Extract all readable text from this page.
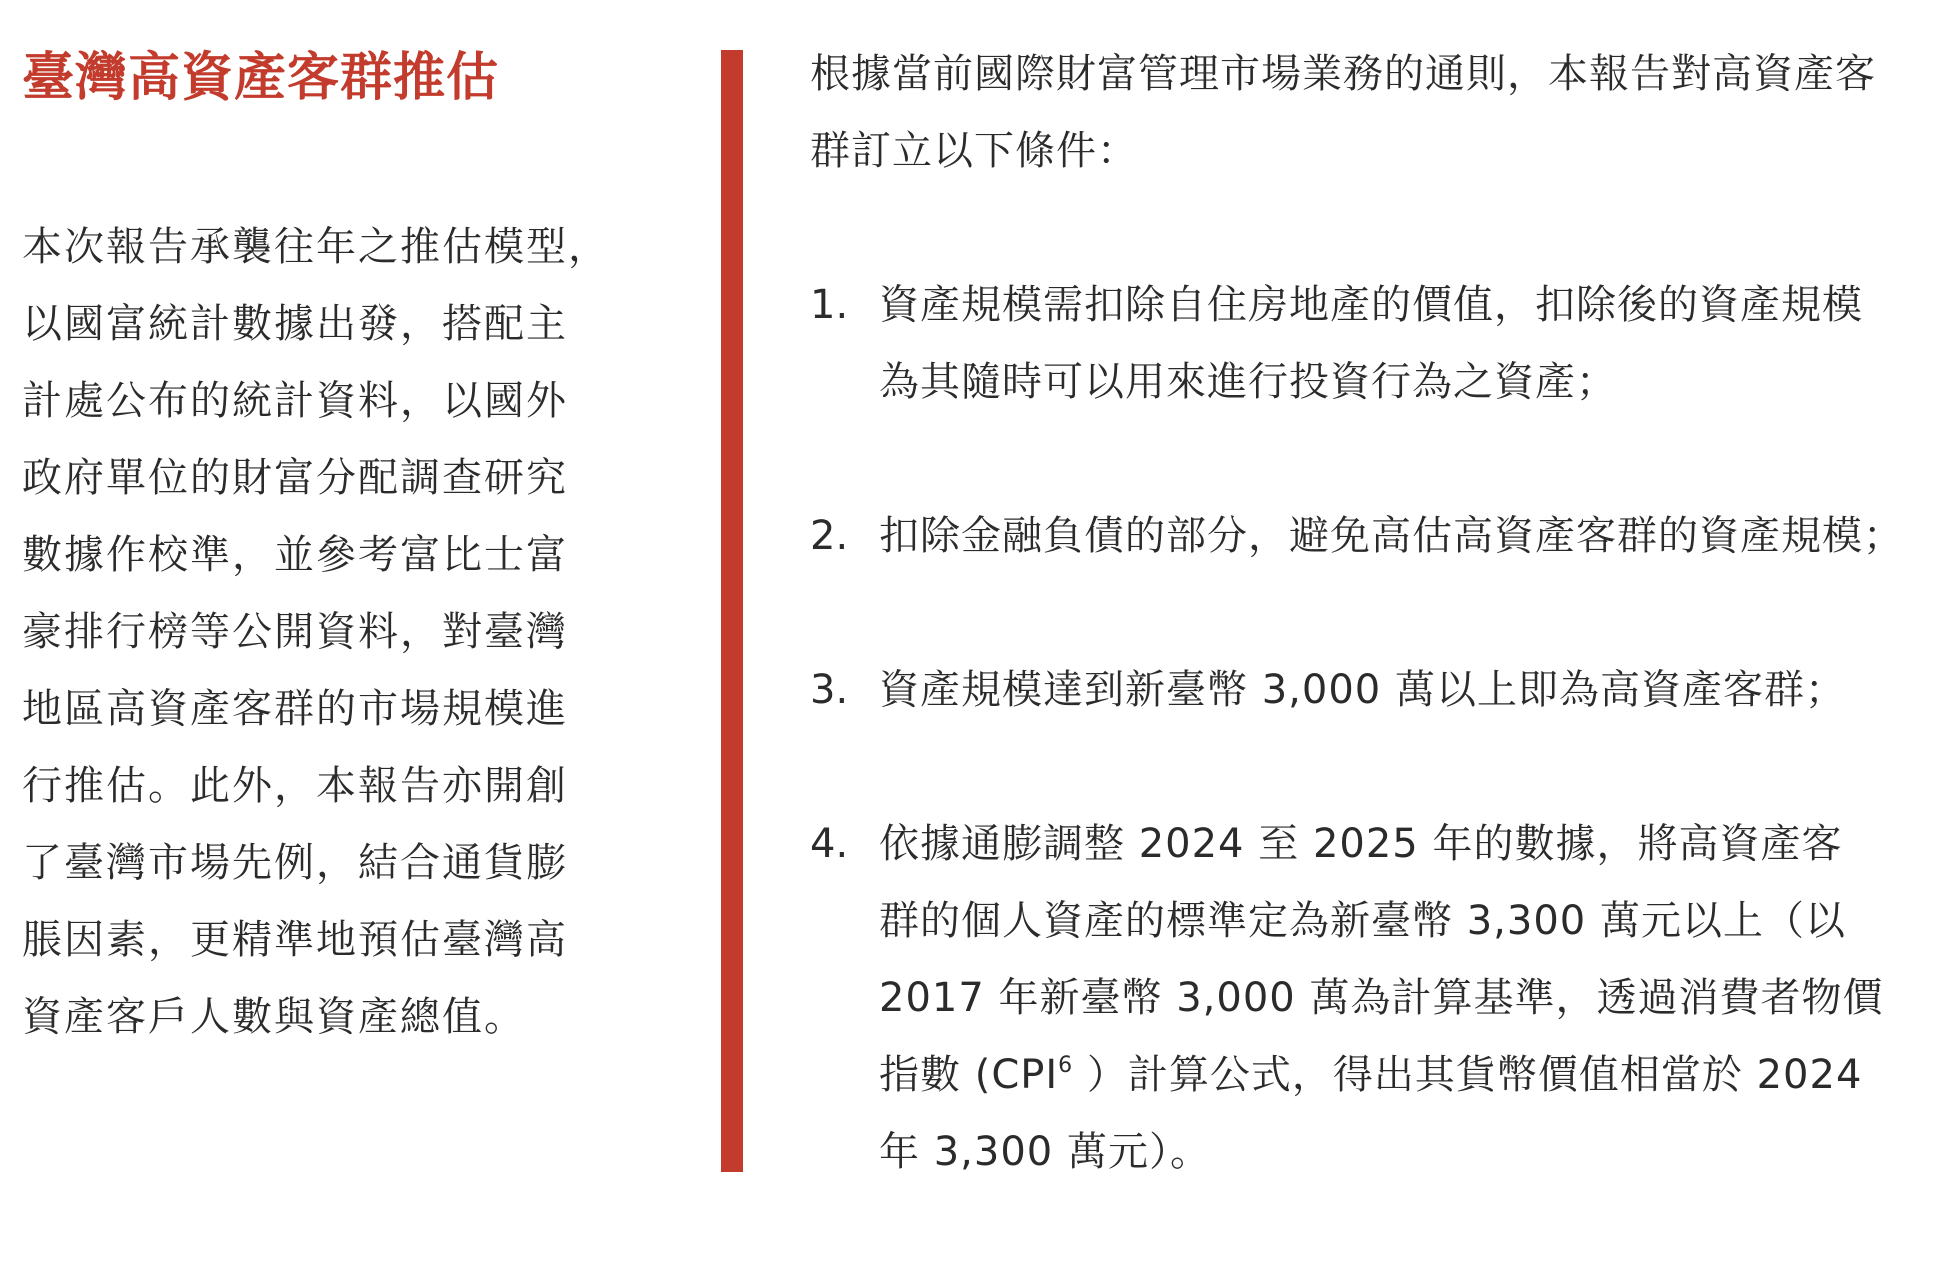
臺灣高資產客群推估
本次報告承襲往年之推估模型，
以國富統計數據出發，搭配主
計處公布的統計資料，以國外
政府單位的財富分配調查研究
數據作校準，並參考富比士富
豪排行榜等公開資料，對臺灣
地區高資產客群的市場規模進
行推估。此外，本報告亦開創
了臺灣市場先例，結合通貨膨
脹因素，更精準地預估臺灣高
資產客戶人數與資產總值。
根據當前國際財富管理市場業務的通則，本報告對高資產客
群訂立以下條件：
1. 資產規模需扣除自住房地產的價值，扣除後的資產規模
為其隨時可以用來進行投資行為之資產；
2. 扣除金融負債的部分，避免高估高資產客群的資產規模；
3. 資產規模達到新臺幣 3,000 萬以上即為高資產客群；
4. 依據通膨調整 2024 至 2025 年的數據，將高資產客
群的個人資產的標準定為新臺幣 3,300 萬元以上（以
2017 年新臺幣 3,000 萬為計算基準，透過消費者物價
指數 (CPI$^6$ ）計算公式，得出其貨幣價值相當於 2024
年 3,300 萬元）。
